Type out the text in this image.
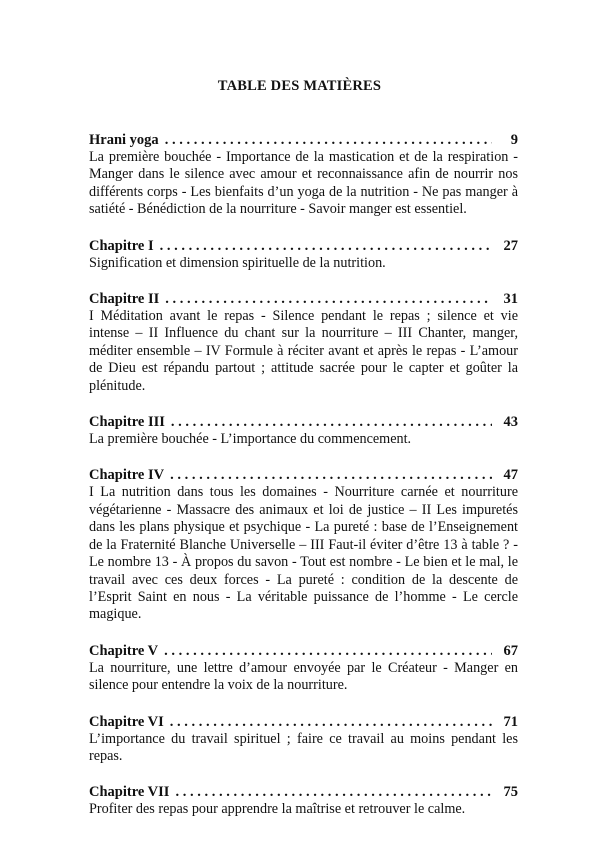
TABLE DES MATIÈRES
Hrani yoga . . .	9
La première bouchée - Importance de la mastication et de la respiration - Manger dans le silence avec amour et reconnaissance afin de nourrir nos différents corps - Les bienfaits d’un yoga de la nutrition - Ne pas manger à satiété - Bénédiction de la nourriture - Savoir manger est essentiel.
Chapitre I . . .	27
Signification et dimension spirituelle de la nutrition.
Chapitre II . . .	31
I Méditation avant le repas - Silence pendant le repas ; silence et vie intense – II Influence du chant sur la nourriture – III Chanter, manger, méditer ensemble – IV Formule à réciter avant et après le repas - L’amour de Dieu est répandu partout ; attitude sacrée pour le capter et goûter la plénitude.
Chapitre III . . .	43
La première bouchée - L’importance du commencement.
Chapitre IV . . .	47
I La nutrition dans tous les domaines - Nourriture carnée et nourriture végétarienne - Massacre des animaux et loi de justice – II Les impuretés dans les plans physique et psychique - La pureté : base de l’Enseignement de la Fraternité Blanche Universelle – III Faut-il éviter d’être 13 à table ? - Le nombre 13 - À propos du savon - Tout est nombre - Le bien et le mal, le travail avec ces deux forces - La pureté : condition de la descente de l’Esprit Saint en nous - La véritable puissance de l’homme - Le cercle magique.
Chapitre V . . .	67
La nourriture, une lettre d’amour envoyée par le Créateur - Manger en silence pour entendre la voix de la nourriture.
Chapitre VI . . .	71
L’importance du travail spirituel ; faire ce travail au moins pendant les repas.
Chapitre VII . . .	75
Profiter des repas pour apprendre la maîtrise et retrouver le calme.
